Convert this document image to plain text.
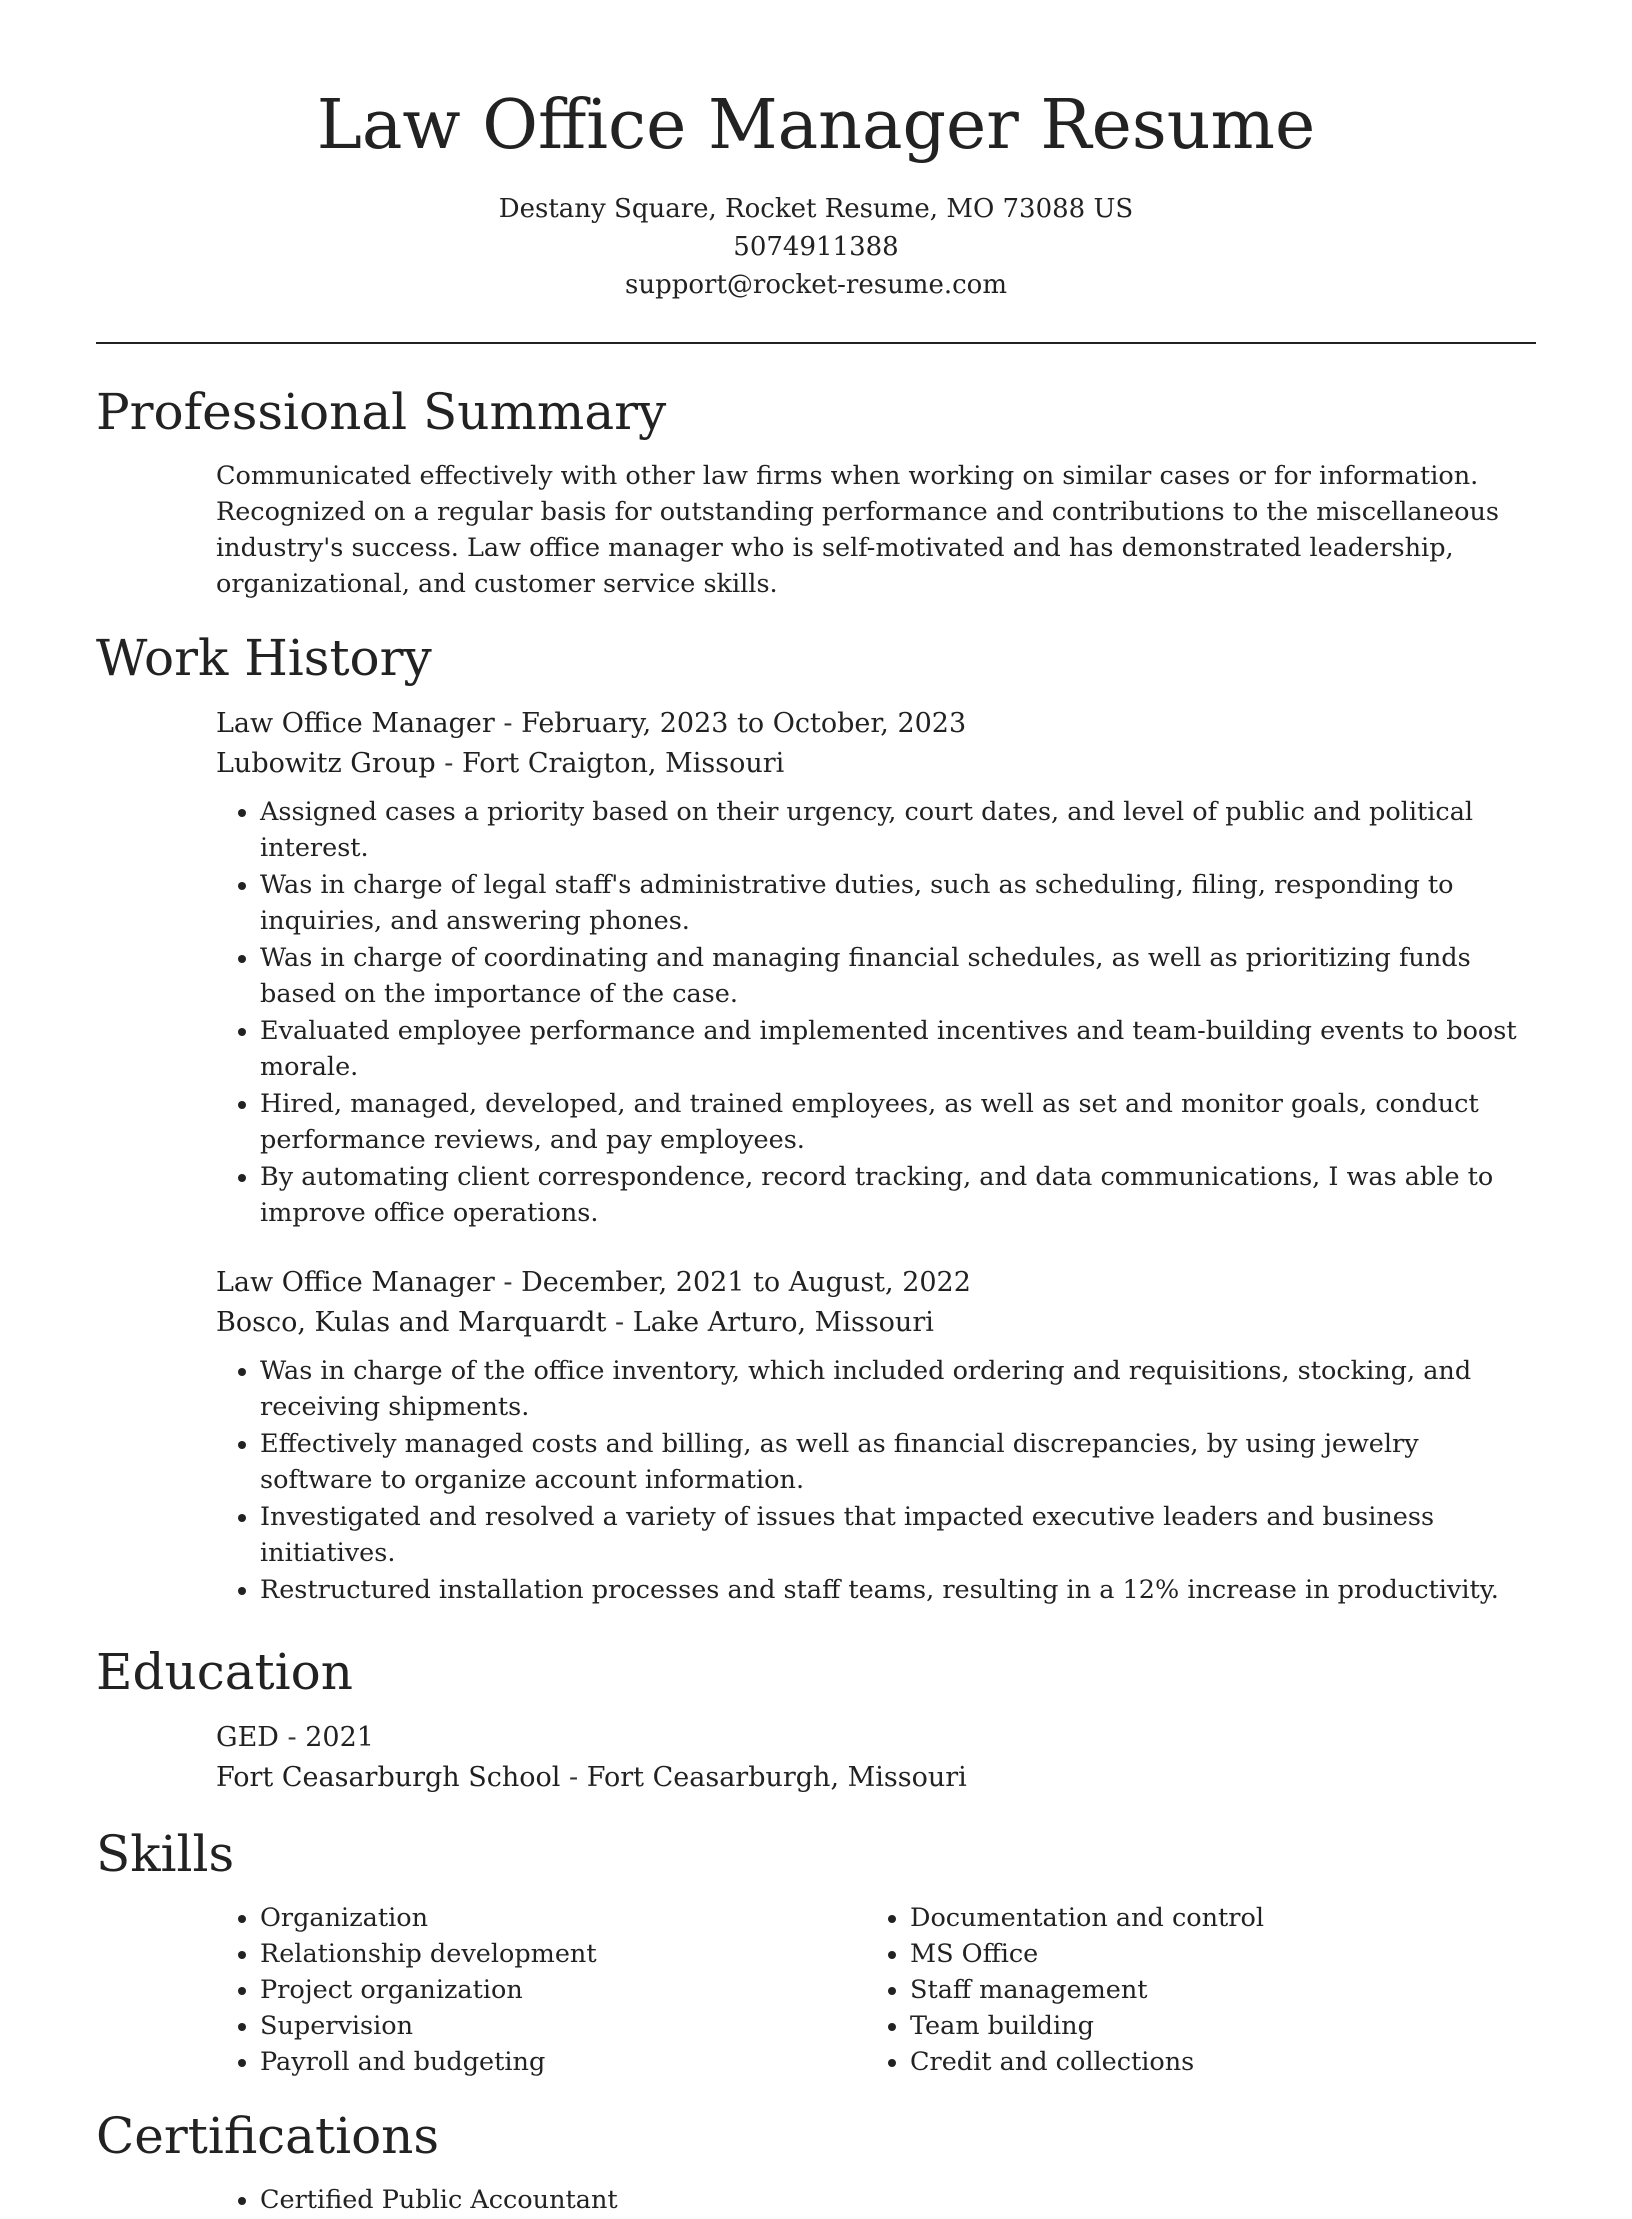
Law Office Manager Resume
Destany Square, Rocket Resume, MO 73088 US
5074911388
support@rocket-resume.com
Professional Summary

Communicated effectively with other law firms when working on similar cases or for information. Recognized on a regular basis for outstanding performance and contributions to the miscellaneous industry's success. Law office manager who is self-motivated and has demonstrated leadership, organizational, and customer service skills.

Work History
Law Office Manager - February, 2023 to October, 2023
Lubowitz Group - Fort Craigton, Missouri
• Assigned cases a priority based on their urgency, court dates, and level of public and political interest.
• Was in charge of legal staff's administrative duties, such as scheduling, filing, responding to inquiries, and answering phones.
• Was in charge of coordinating and managing financial schedules, as well as prioritizing funds based on the importance of the case.
• Evaluated employee performance and implemented incentives and team-building events to boost morale.
• Hired, managed, developed, and trained employees, as well as set and monitor goals, conduct performance reviews, and pay employees.
• By automating client correspondence, record tracking, and data communications, I was able to improve office operations.
Law Office Manager - December, 2021 to August, 2022
Bosco, Kulas and Marquardt - Lake Arturo, Missouri
• Was in charge of the office inventory, which included ordering and requisitions, stocking, and receiving shipments.
• Effectively managed costs and billing, as well as financial discrepancies, by using jewelry software to organize account information.
• Investigated and resolved a variety of issues that impacted executive leaders and business initiatives.
• Restructured installation processes and staff teams, resulting in a 12% increase in productivity.
Education
GED - 2021
Fort Ceasarburgh School - Fort Ceasarburgh, Missouri
Skills
• Organization
• Relationship development
• Project organization
• Supervision
• Payroll and budgeting
• Documentation and control
• MS Office
• Staff management
• Team building
• Credit and collections
Certifications
• Certified Public Accountant
